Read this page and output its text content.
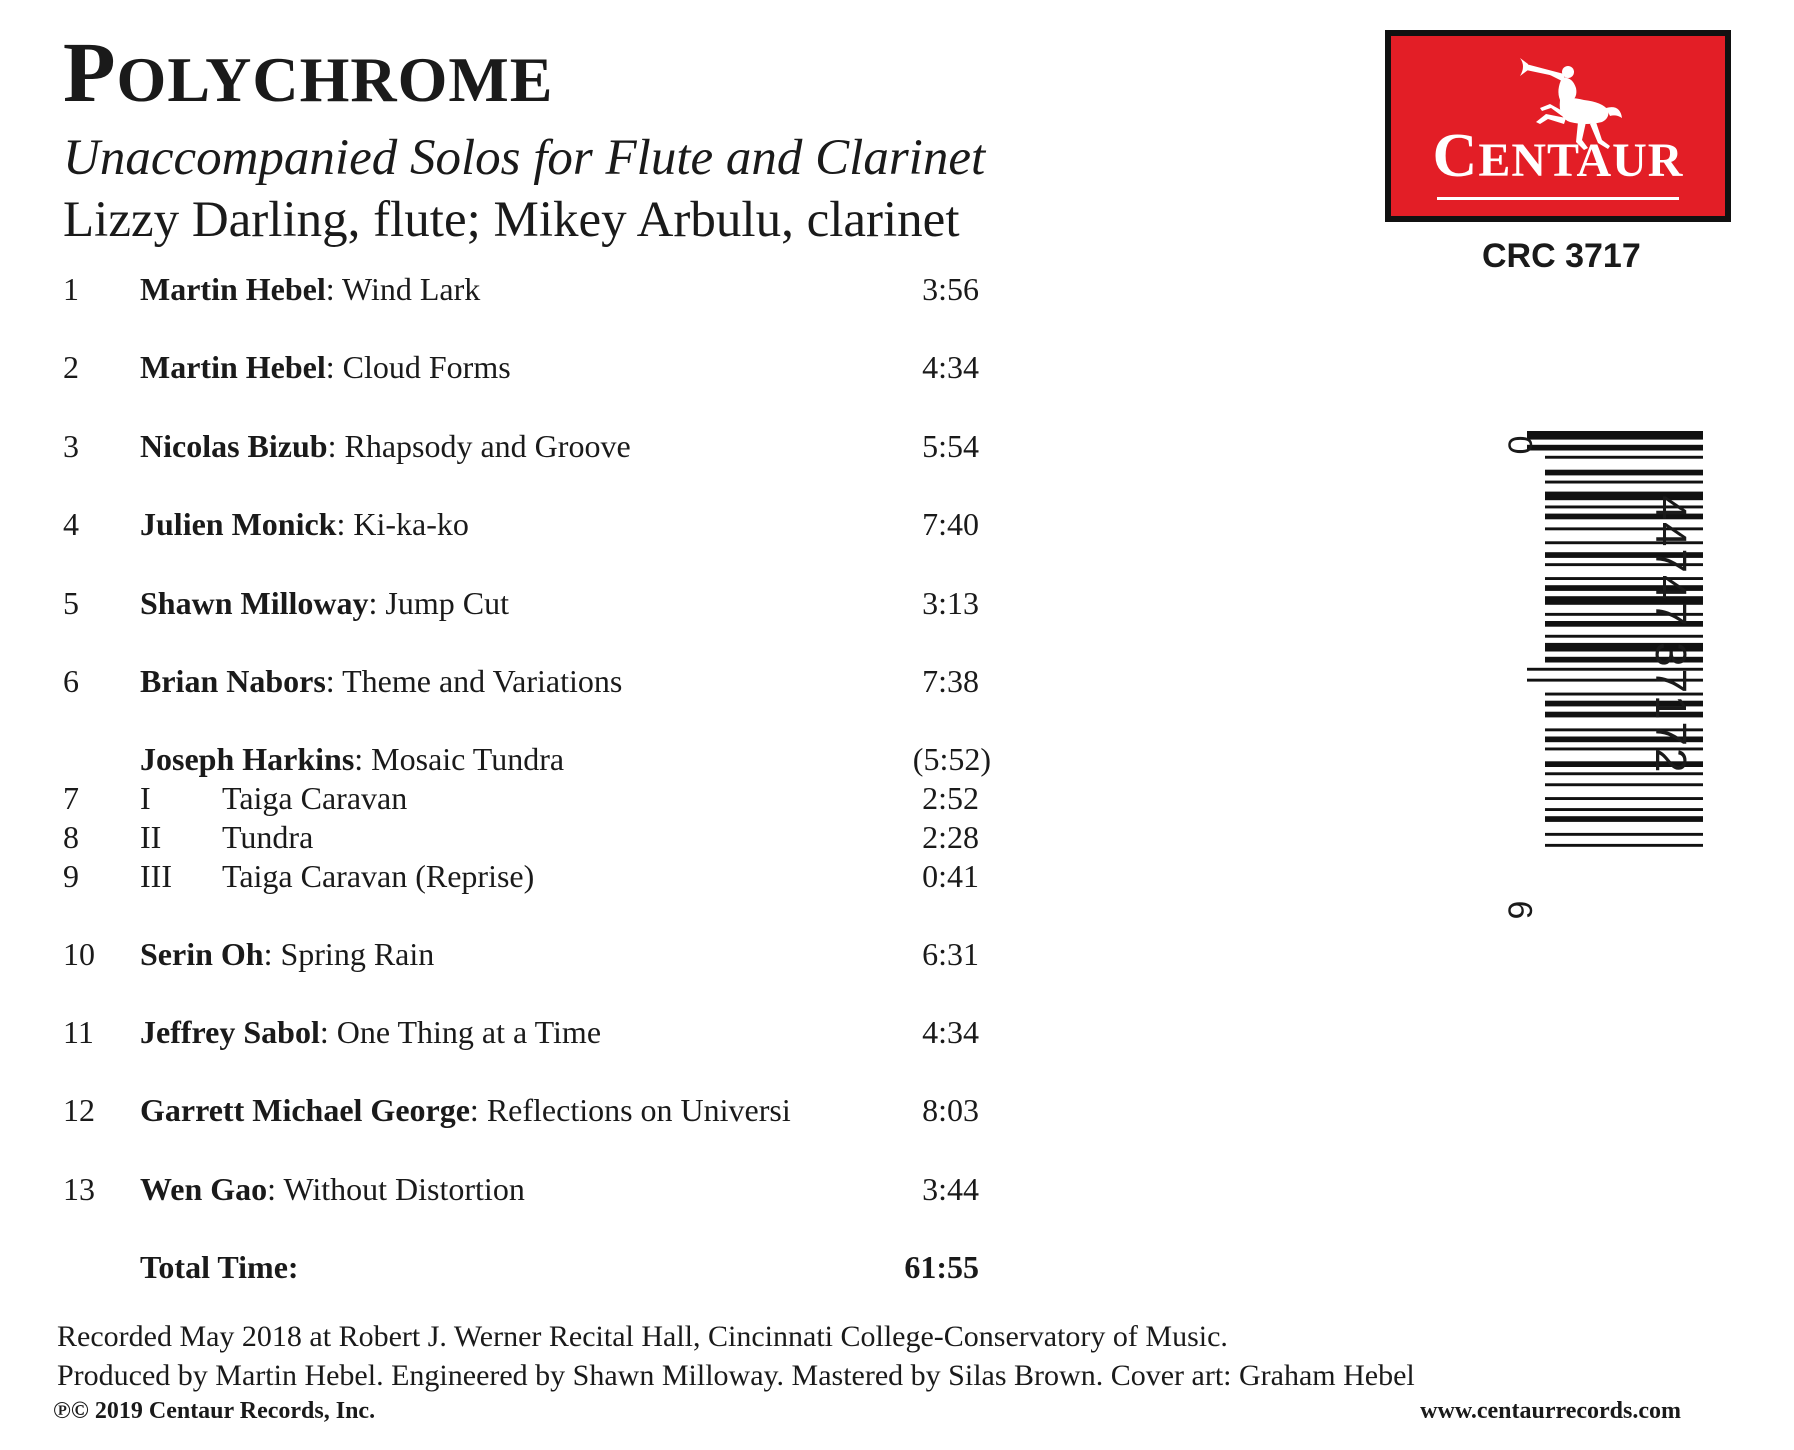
POLYCHROME
Unaccompanied Solos for Flute and Clarinet
Lizzy Darling, flute; Mikey Arbulu, clarinet
1 Martin Hebel: Wind Lark	3:56
2 Martin Hebel: Cloud Forms	4:34
3 Nicolas Bizub: Rhapsody and Groove	5:54
4 Julien Monick: Ki-ka-ko	7:40
5 Shawn Milloway: Jump Cut	3:13
6 Brian Nabors: Theme and Variations	7:38
Joseph Harkins: Mosaic Tundra	(5:52)
7 I Taiga Caravan	2:52
8 II Tundra	2:28
9 III Taiga Caravan (Reprise)	0:41
10 Serin Oh: Spring Rain	6:31
11 Jeffrey Sabol: One Thing at a Time	4:34
12 Garrett Michael George: Reflections on Universi	8:03
13 Wen Gao: Without Distortion	3:44
Total Time:	61:55
Recorded May 2018 at Robert J. Werner Recital Hall, Cincinnati College-Conservatory of Music.
Produced by Martin Hebel. Engineered by Shawn Milloway. Mastered by Silas Brown. Cover art: Graham Hebel
℗© 2019 Centaur Records, Inc.	www.centaurrecords.com
CENTAUR
CRC 3717
0
44747 37172
6
